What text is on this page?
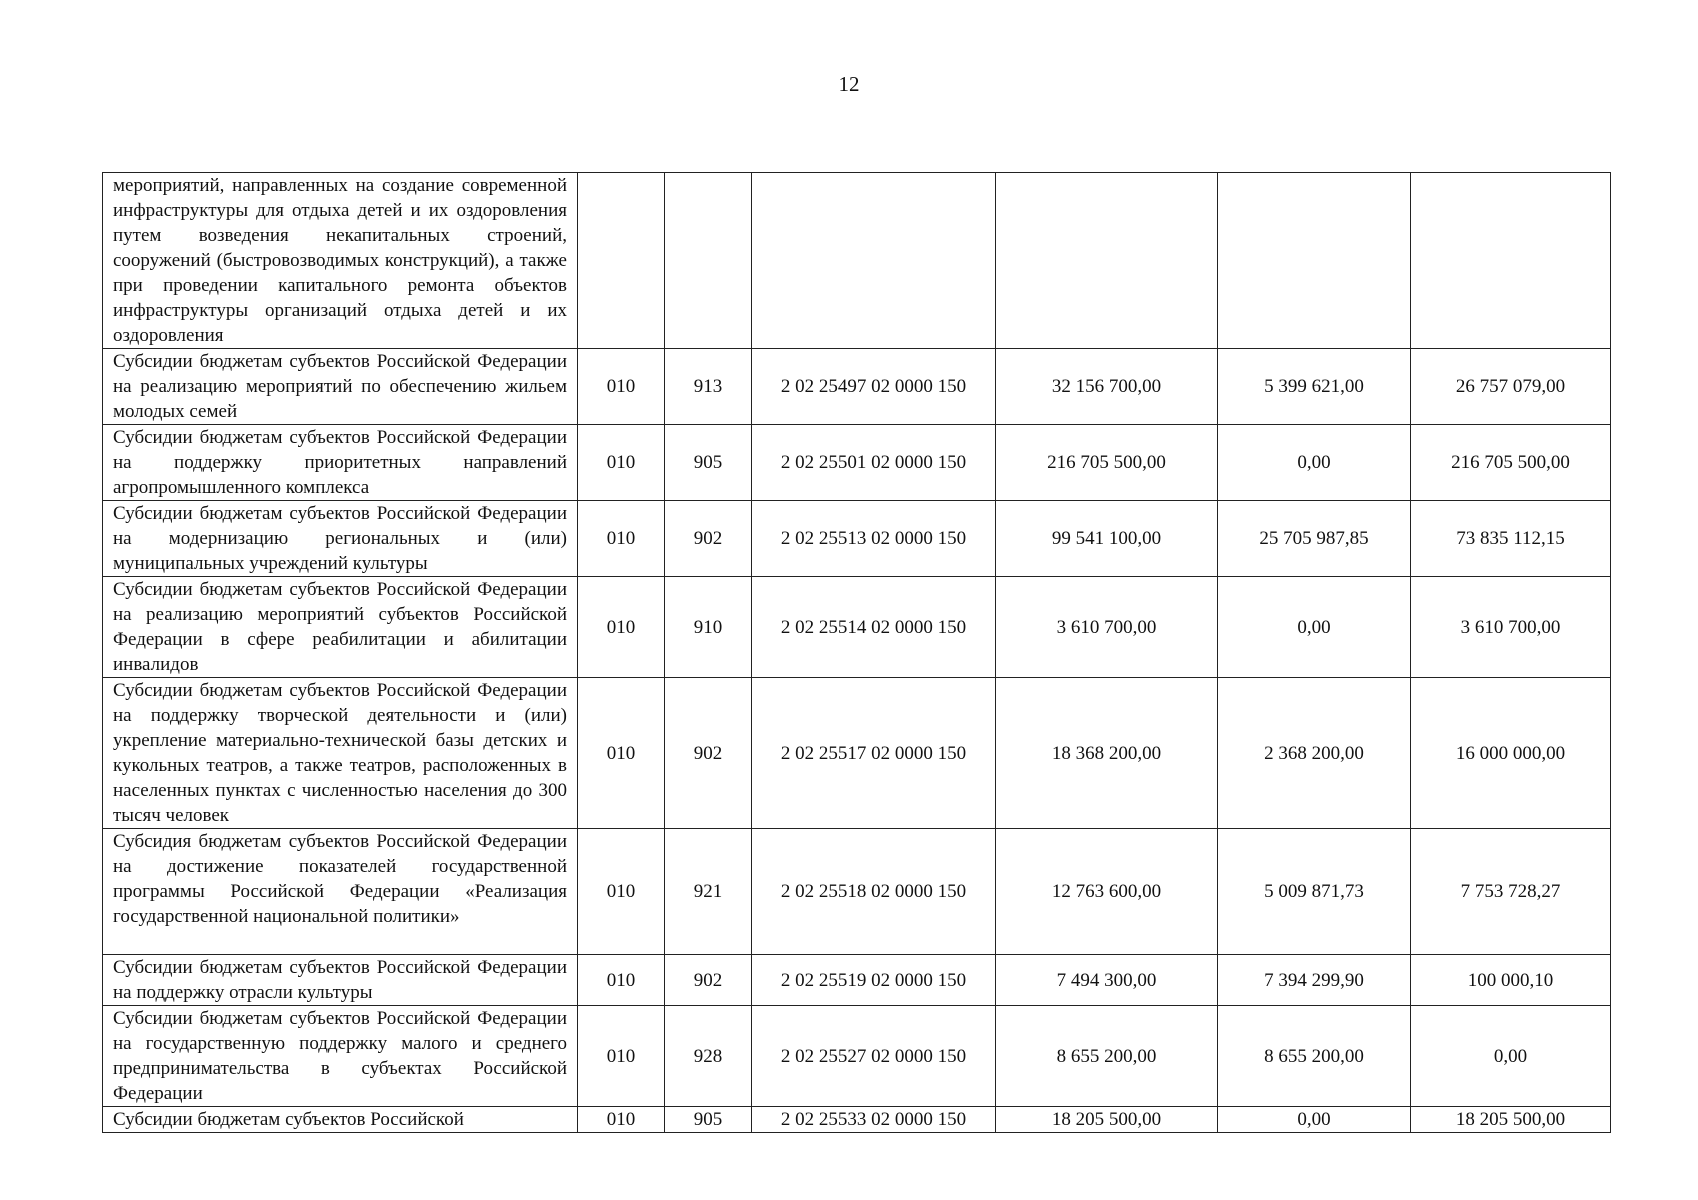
12
мероприятий, направленных на создание современной инфраструктуры для отдыха детей и их оздоровления путем возведения некапитальных строений, сооружений (быстровозводимых конструкций), а также при проведении капитального ремонта объектов инфраструктуры организаций отдыха детей и их оздоровления						

Субсидии бюджетам субъектов Российской Федерации на реализацию мероприятий по обеспечению жильем молодых семей	010	913	2 02 25497 02 0000 150	32 156 700,00	5 399 621,00	26 757 079,00

Субсидии бюджетам субъектов Российской Федерации на поддержку приоритетных направлений агропромышленного комплекса	010	905	2 02 25501 02 0000 150	216 705 500,00	0,00	216 705 500,00

Субсидии бюджетам субъектов Российской Федерации на модернизацию региональных и (или) муниципальных учреждений культуры	010	902	2 02 25513 02 0000 150	99 541 100,00	25 705 987,85	73 835 112,15

Субсидии бюджетам субъектов Российской Федерации на реализацию мероприятий субъектов Российской Федерации в сфере реабилитации и абилитации инвалидов	010	910	2 02 25514 02 0000 150	3 610 700,00	0,00	3 610 700,00

Субсидии бюджетам субъектов Российской Федерации на поддержку творческой деятельности и (или) укрепление материально-технической базы детских и кукольных театров, а также театров, расположенных в населенных пунктах с численностью населения до 300 тысяч человек	010	902	2 02 25517 02 0000 150	18 368 200,00	2 368 200,00	16 000 000,00

Субсидия бюджетам субъектов Российской Федерации на достижение показателей государственной программы Российской Федерации «Реализация государственной национальной политики»	010	921	2 02 25518 02 0000 150	12 763 600,00	5 009 871,73	7 753 728,27

Субсидии бюджетам субъектов Российской Федерации на поддержку отрасли культуры	010	902	2 02 25519 02 0000 150	7 494 300,00	7 394 299,90	100 000,10

Субсидии бюджетам субъектов Российской Федерации на государственную поддержку малого и среднего предпринимательства в субъектах Российской Федерации	010	928	2 02 25527 02 0000 150	8 655 200,00	8 655 200,00	0,00

Субсидии бюджетам субъектов Российской	010	905	2 02 25533 02 0000 150	18 205 500,00	0,00	18 205 500,00
